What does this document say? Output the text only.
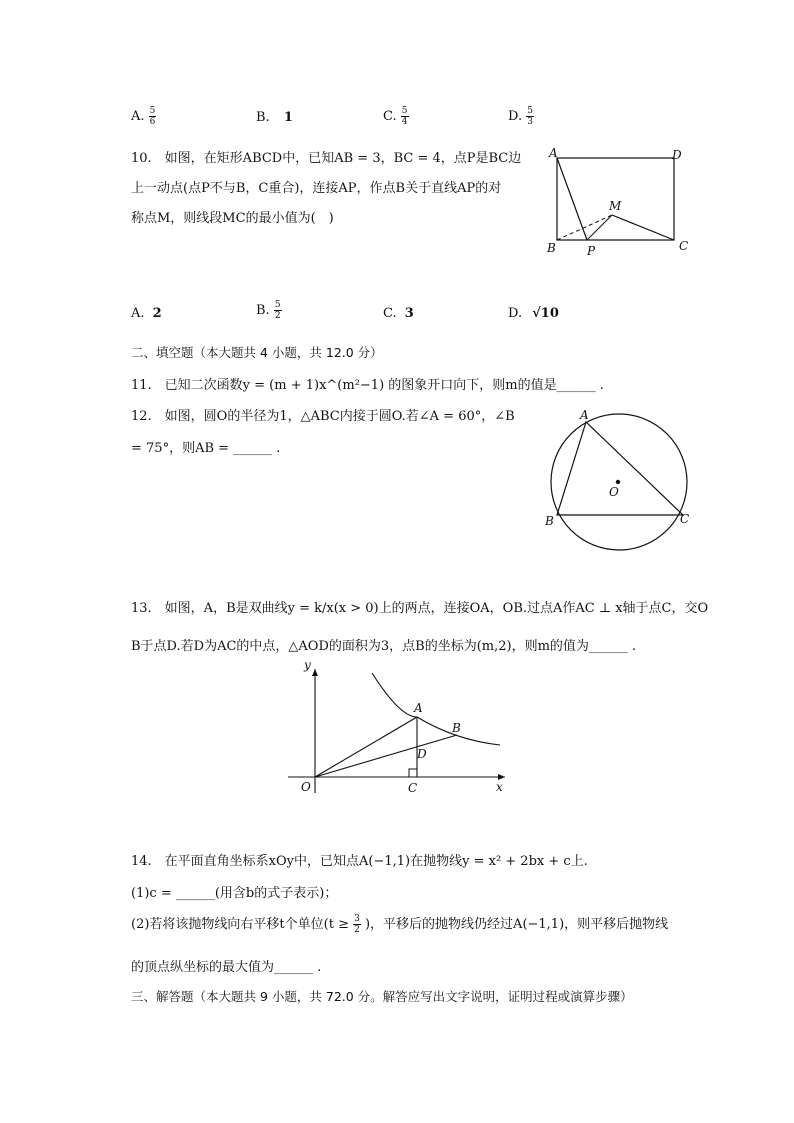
A. $\frac{5}{6}$	B. 1	C. $\frac{5}{4}$	D. $\frac{5}{3}$
10.　如图，在矩形ABCD中，已知AB = 3，BC = 4，点P是BC边
上一动点(点P不与B，C重合)，连接AP，作点B关于直线AP的对
称点M，则线段MC的最小值为(　)
A	D
M
B	P	C
A. 2	B. $\frac{5}{2}$	C. 3	D. √10
二、填空题（本大题共 4 小题，共 12.0 分）
11.　已知二次函数y = (m + 1)x^(m²−1) 的图象开口向下，则m的值是______ .
12.　如图，圆O的半径为1，△ABC内接于圆O.若∠A = 60°，∠B
= 75°，则AB = ______ .
A
O
B	C
13.　如图，A，B是双曲线y = k/x(x > 0)上的两点，连接OA，OB.过点A作AC ⊥ x轴于点C，交O
B于点D.若D为AC的中点，△AOD的面积为3，点B的坐标为(m,2)，则m的值为______ .
y
A
B
D
O	C	x
14.　在平面直角坐标系xOy中，已知点A(−1,1)在抛物线y = x² + 2bx + c上.
(1)c = ______(用含b的式子表示)；
(2)若将该抛物线向右平移t个单位($t \ge \frac{3}{2}$ )，平移后的抛物线仍经过A(−1,1)，则平移后抛物线
的顶点纵坐标的最大值为______ .
三、解答题（本大题共 9 小题，共 72.0 分。解答应写出文字说明，证明过程或演算步骤）
